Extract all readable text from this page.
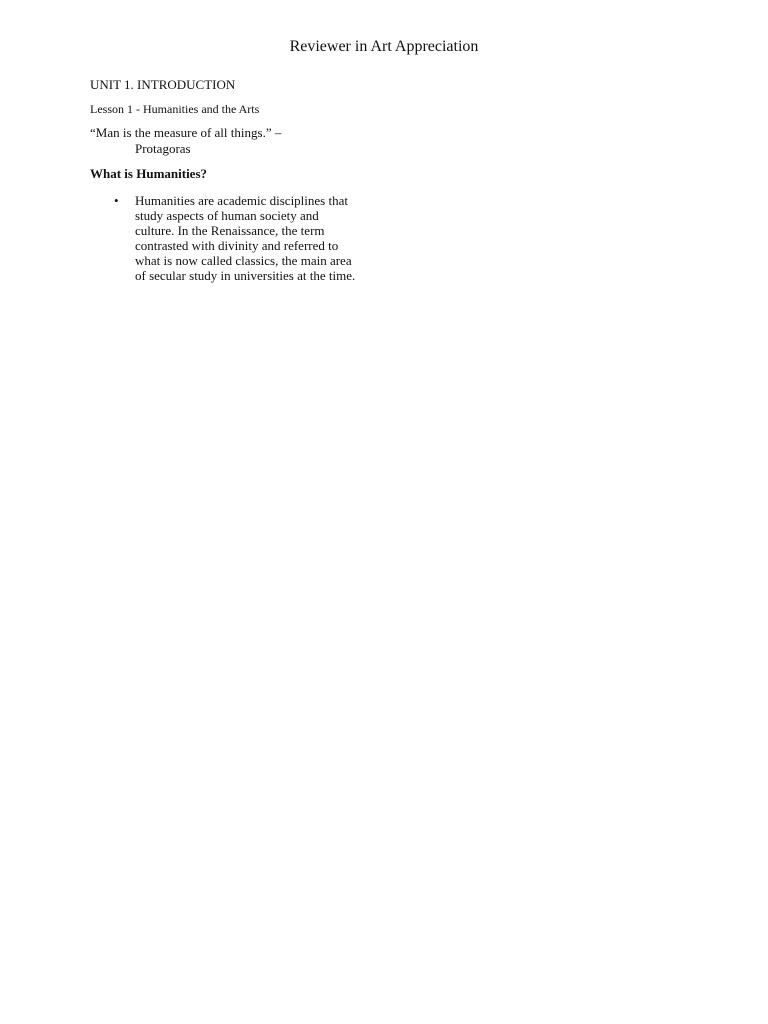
Reviewer in Art Appreciation

UNIT 1. INTRODUCTION

Lesson 1 - Humanities and the Arts

“Man is the measure of all things.” –
Protagoras

What is Humanities?

• Humanities are academic disciplines that study aspects of human society and culture. In the Renaissance, the term contrasted with divinity and referred to what is now called classics, the main area of secular study in universities at the time.
